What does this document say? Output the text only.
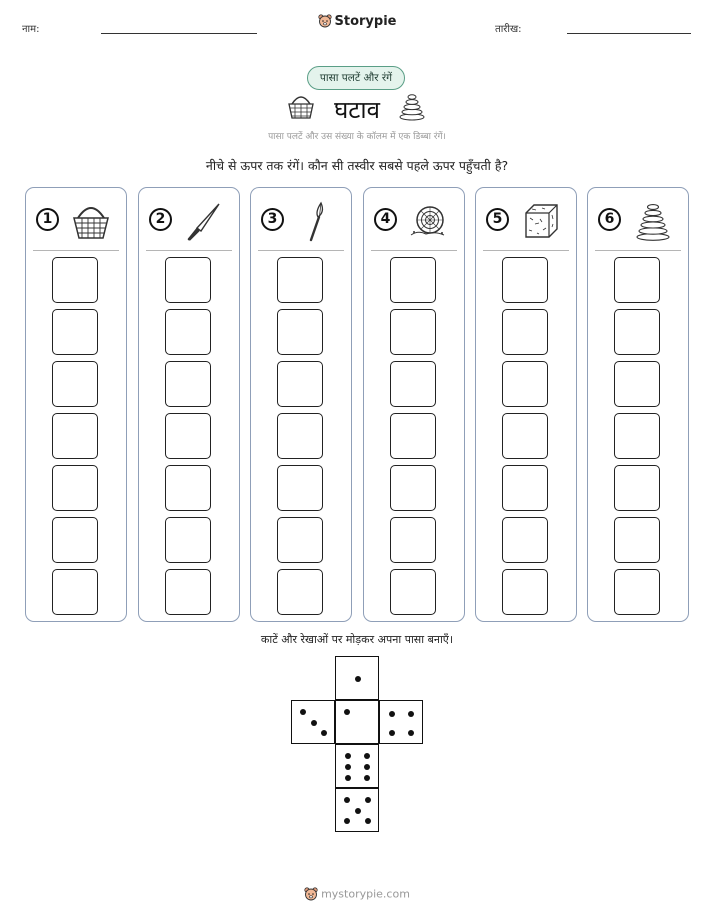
नाम:
Storypie
तारीख:
पासा पलटें और रंगें
घटाव
पासा पलटें और उस संख्या के कॉलम में एक डिब्बा रंगें।
नीचे से ऊपर तक रंगें। कौन सी तस्वीर सबसे पहले ऊपर पहुँचती है?
1	2	3	4	5	6
काटें और रेखाओं पर मोड़कर अपना पासा बनाएँ।
mystorypie.com
